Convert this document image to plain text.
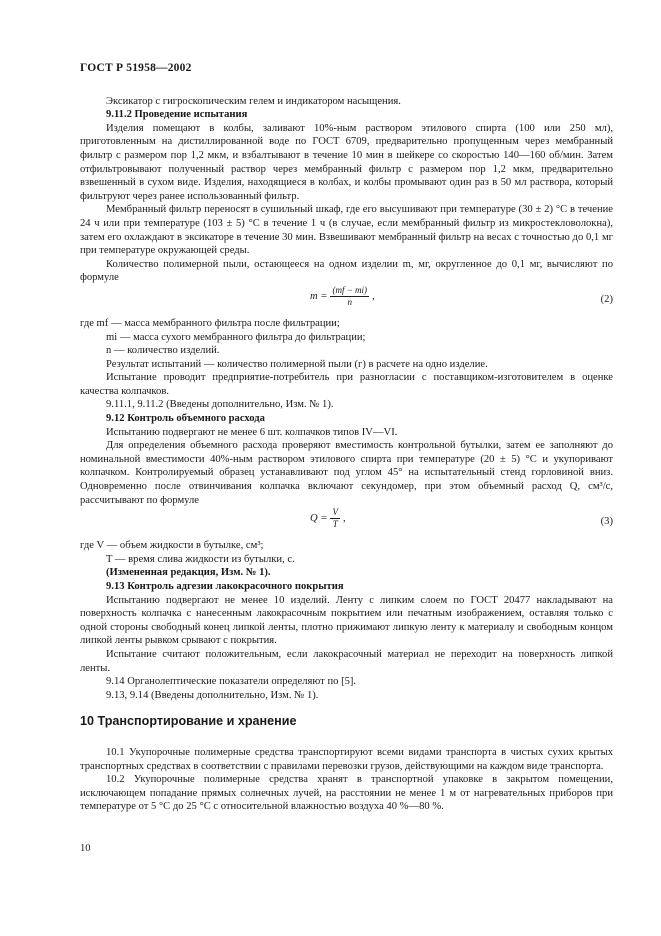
ГОСТ Р 51958—2002

Эксикатор с гигроскопическим гелем и индикатором насыщения.

9.11.2 Проведение испытания

Изделия помещают в колбы, заливают 10%-ным раствором этилового спирта (100 или 250 мл), приготовленным на дистиллированной воде по ГОСТ 6709, предварительно пропущенным через мембранный фильтр с размером пор 1,2 мкм, и взбалтывают в течение 10 мин в шейкере со скоростью 140—160 об/мин. Затем отфильтровывают полученный раствор через мембранный фильтр с размером пор 1,2 мкм, предварительно взвешенный в сухом виде. Изделия, находящиеся в колбах, и колбы промывают один раз в 50 мл раствора, который фильтруют через ранее использованный фильтр.

Мембранный фильтр переносят в сушильный шкаф, где его высушивают при температуре (30 ± 2) °С в течение 24 ч или при температуре (103 ± 5) °С в течение 1 ч (в случае, если мембранный фильтр из микростекловолокна), затем его охлаждают в эксикаторе в течение 30 мин. Взвешивают мембранный фильтр на весах с точностью до 0,1 мг при температуре окружающей среды.

Количество полимерной пыли, остающееся на одном изделии m, мг, округленное до 0,1 мг, вычисляют по формуле

$m = \frac{(mf - mi)}{n}$ ,	(2)

где mf — масса мембранного фильтра после фильтрации;

mi — масса сухого мембранного фильтра до фильтрации;

n — количество изделий.

Результат испытаний — количество полимерной пыли (г) в расчете на одно изделие.

Испытание проводит предприятие-потребитель при разногласии с поставщиком-изготовителем в оценке качества колпачков.

9.11.1, 9.11.2 (Введены дополнительно, Изм. № 1).

9.12 Контроль объемного расхода

Испытанию подвергают не менее 6 шт. колпачков типов IV—VI.

Для определения объемного расхода проверяют вместимость контрольной бутылки, затем ее заполняют до номинальной вместимости 40%-ным раствором этилового спирта при температуре (20 ± 5) °С и укупоривают колпачком. Контролируемый образец устанавливают под углом 45° на испытательный стенд горловиной вниз. Одновременно после отвинчивания колпачка включают секундомер, при этом объемный расход Q, см³/с, рассчитывают по формуле

$Q = \frac{V}{T}$ ,	(3)

где V — объем жидкости в бутылке, см³;

T — время слива жидкости из бутылки, с.

(Измененная редакция, Изм. № 1).

9.13 Контроль адгезии лакокрасочного покрытия

Испытанию подвергают не менее 10 изделий. Ленту с липким слоем по ГОСТ 20477 накладывают на поверхность колпачка с нанесенным лакокрасочным покрытием или печатным изображением, оставляя только с одной стороны свободный конец липкой ленты, плотно прижимают липкую ленту к материалу и свободным концом липкой ленты рывком срывают с покрытия.

Испытание считают положительным, если лакокрасочный материал не переходит на поверхность липкой ленты.

9.14 Органолептические показатели определяют по [5].

9.13, 9.14 (Введены дополнительно, Изм. № 1).

10 Транспортирование и хранение

10.1 Укупорочные полимерные средства транспортируют всеми видами транспорта в чистых сухих крытых транспортных средствах в соответствии с правилами перевозки грузов, действующими на каждом виде транспорта.

10.2 Укупорочные полимерные средства хранят в транспортной упаковке в закрытом помещении, исключающем попадание прямых солнечных лучей, на расстоянии не менее 1 м от нагревательных приборов при температуре от 5 °С до 25 °С с относительной влажностью воздуха 40 %—80 %.

10
